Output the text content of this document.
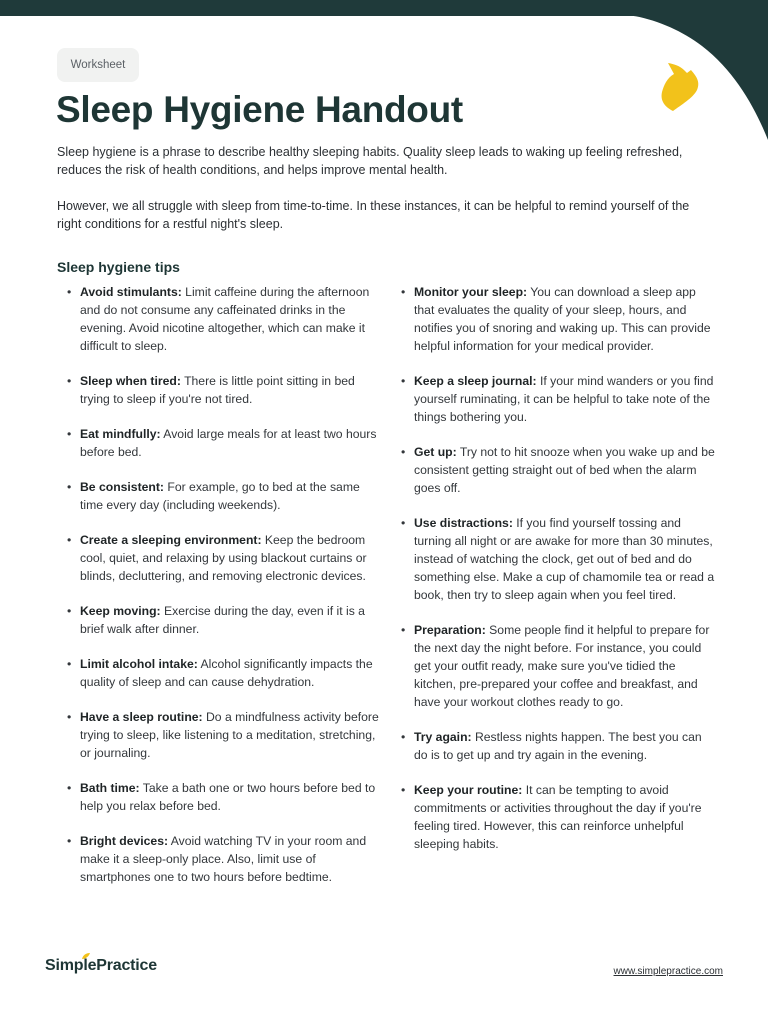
Worksheet
Sleep Hygiene Handout

Sleep hygiene is a phrase to describe healthy sleeping habits. Quality sleep leads to waking up feeling refreshed, reduces the risk of health conditions, and helps improve mental health.

However, we all struggle with sleep from time-to-time. In these instances, it can be helpful to remind yourself of the right conditions for a restful night's sleep.

Sleep hygiene tips
• Avoid stimulants: Limit caffeine during the afternoon and do not consume any caffeinated drinks in the evening. Avoid nicotine altogether, which can make it difficult to sleep.
• Sleep when tired: There is little point sitting in bed trying to sleep if you're not tired.
• Eat mindfully: Avoid large meals for at least two hours before bed.
• Be consistent: For example, go to bed at the same time every day (including weekends).
• Create a sleeping environment: Keep the bedroom cool, quiet, and relaxing by using blackout curtains or blinds, decluttering, and removing electronic devices.
• Keep moving: Exercise during the day, even if it is a brief walk after dinner.
• Limit alcohol intake: Alcohol significantly impacts the quality of sleep and can cause dehydration.
• Have a sleep routine: Do a mindfulness activity before trying to sleep, like listening to a meditation, stretching, or journaling.
• Bath time: Take a bath one or two hours before bed to help you relax before bed.
• Bright devices: Avoid watching TV in your room and make it a sleep-only place. Also, limit use of smartphones one to two hours before bedtime.
• Monitor your sleep: You can download a sleep app that evaluates the quality of your sleep, hours, and notifies you of snoring and waking up. This can provide helpful information for your medical provider.
• Keep a sleep journal: If your mind wanders or you find yourself ruminating, it can be helpful to take note of the things bothering you.
• Get up: Try not to hit snooze when you wake up and be consistent getting straight out of bed when the alarm goes off.
• Use distractions: If you find yourself tossing and turning all night or are awake for more than 30 minutes, instead of watching the clock, get out of bed and do something else. Make a cup of chamomile tea or read a book, then try to sleep again when you feel tired.
• Preparation: Some people find it helpful to prepare for the next day the night before. For instance, you could get your outfit ready, make sure you've tidied the kitchen, pre-prepared your coffee and breakfast, and have your workout clothes ready to go.
• Try again: Restless nights happen. The best you can do is to get up and try again in the evening.
• Keep your routine: It can be tempting to avoid commitments or activities throughout the day if you're feeling tired. However, this can reinforce unhelpful sleeping habits.
SimplePractice	www.simplepractice.com
